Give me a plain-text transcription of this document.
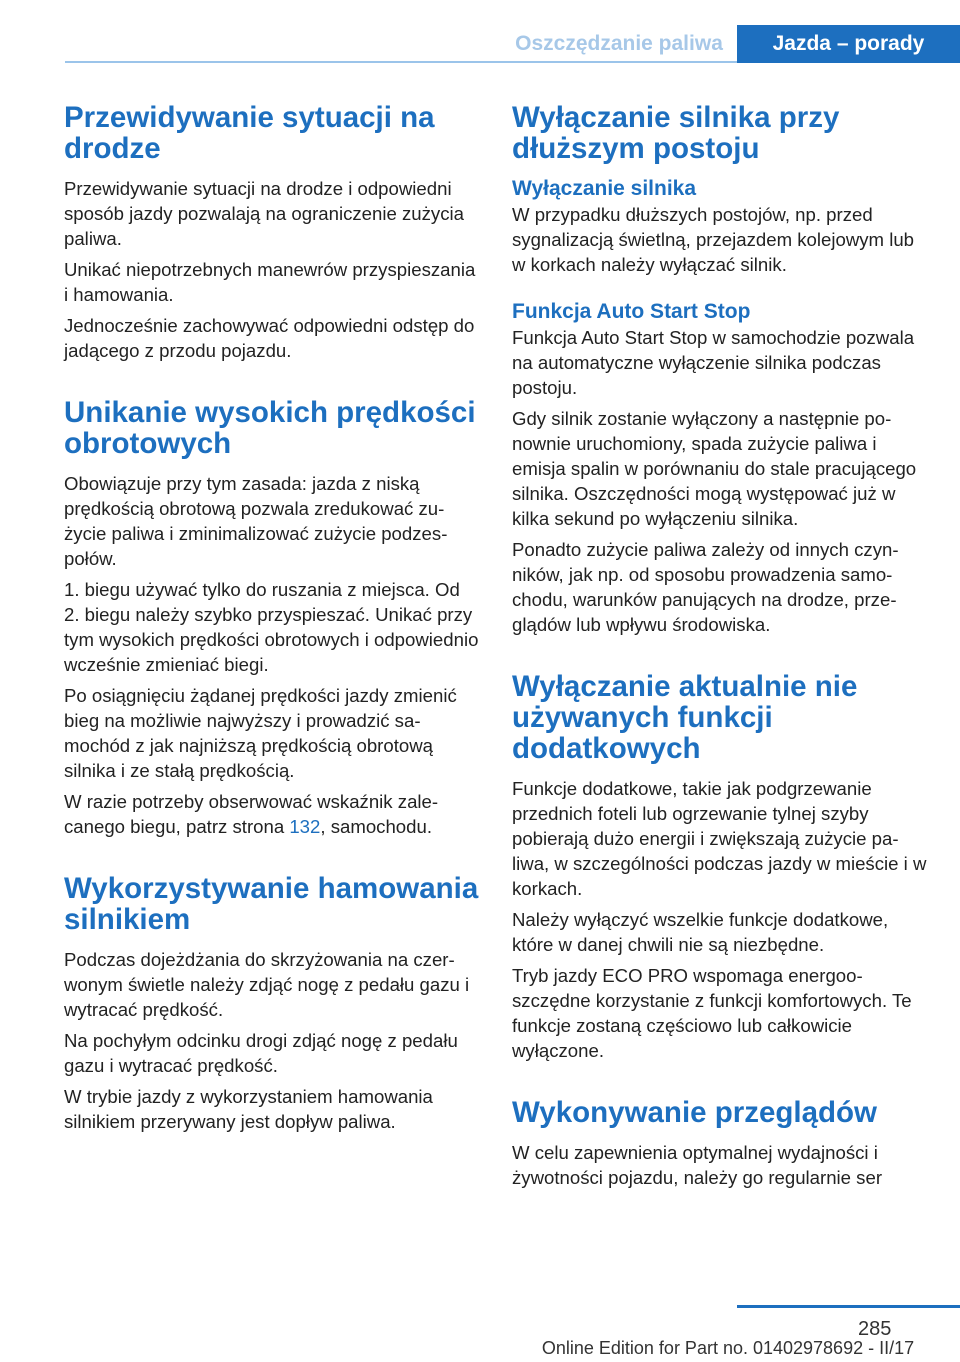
Oszczędzanie paliwa	Jazda – porady
Przewidywanie sytuacji na drodze

Przewidywanie sytuacji na drodze i odpowiedni sposób jazdy pozwalają na ograniczenie zużycia paliwa.

Unikać niepotrzebnych manewrów przyspieszania i hamowania.

Jednocześnie zachowywać odpowiedni odstęp do jadącego z przodu pojazdu.

Unikanie wysokich prędkości obrotowych

Obowiązuje przy tym zasada: jazda z niską prędkością obrotową pozwala zredukować zużycie paliwa i zminimalizować zużycie podzespołów.

1. biegu używać tylko do ruszania z miejsca. Od 2. biegu należy szybko przyspieszać. Unikać przy tym wysokich prędkości obrotowych i odpowiednio wcześnie zmieniać biegi.

Po osiągnięciu żądanej prędkości jazdy zmienić bieg na możliwie najwyższy i prowadzić samochód z jak najniższą prędkością obrotową silnika i ze stałą prędkością.

W razie potrzeby obserwować wskaźnik zalecanego biegu, patrz strona 132, samochodu.

Wykorzystywanie hamowania silnikiem

Podczas dojeżdżania do skrzyżowania na czerwonym świetle należy zdjąć nogę z pedału gazu i wytracać prędkość.

Na pochyłym odcinku drogi zdjąć nogę z pedału gazu i wytracać prędkość.

W trybie jazdy z wykorzystaniem hamowania silnikiem przerywany jest dopływ paliwa.

Wyłączanie silnika przy dłuższym postoju
Wyłączanie silnika

W przypadku dłuższych postojów, np. przed sygnalizacją świetlną, przejazdem kolejowym lub w korkach należy wyłączać silnik.

Funkcja Auto Start Stop

Funkcja Auto Start Stop w samochodzie pozwala na automatyczne wyłączenie silnika podczas postoju.

Gdy silnik zostanie wyłączony a następnie ponownie uruchomiony, spada zużycie paliwa i emisja spalin w porównaniu do stale pracującego silnika. Oszczędności mogą występować już w kilka sekund po wyłączeniu silnika.

Ponadto zużycie paliwa zależy od innych czynników, jak np. od sposobu prowadzenia samochodu, warunków panujących na drodze, przeglądów lub wpływu środowiska.

Wyłączanie aktualnie nie używanych funkcji dodatkowych

Funkcje dodatkowe, takie jak podgrzewanie przednich foteli lub ogrzewanie tylnej szyby pobierają dużo energii i zwiększają zużycie paliwa, w szczególności podczas jazdy w mieście i w korkach.

Należy wyłączyć wszelkie funkcje dodatkowe, które w danej chwili nie są niezbędne.

Tryb jazdy ECO PRO wspomaga energooszczędne korzystanie z funkcji komfortowych. Te funkcje zostaną częściowo lub całkowicie wyłączone.

Wykonywanie przeglądów

W celu zapewnienia optymalnej wydajności i żywotności pojazdu, należy go regularnie ser

285
Online Edition for Part no. 01402978692 - II/17
